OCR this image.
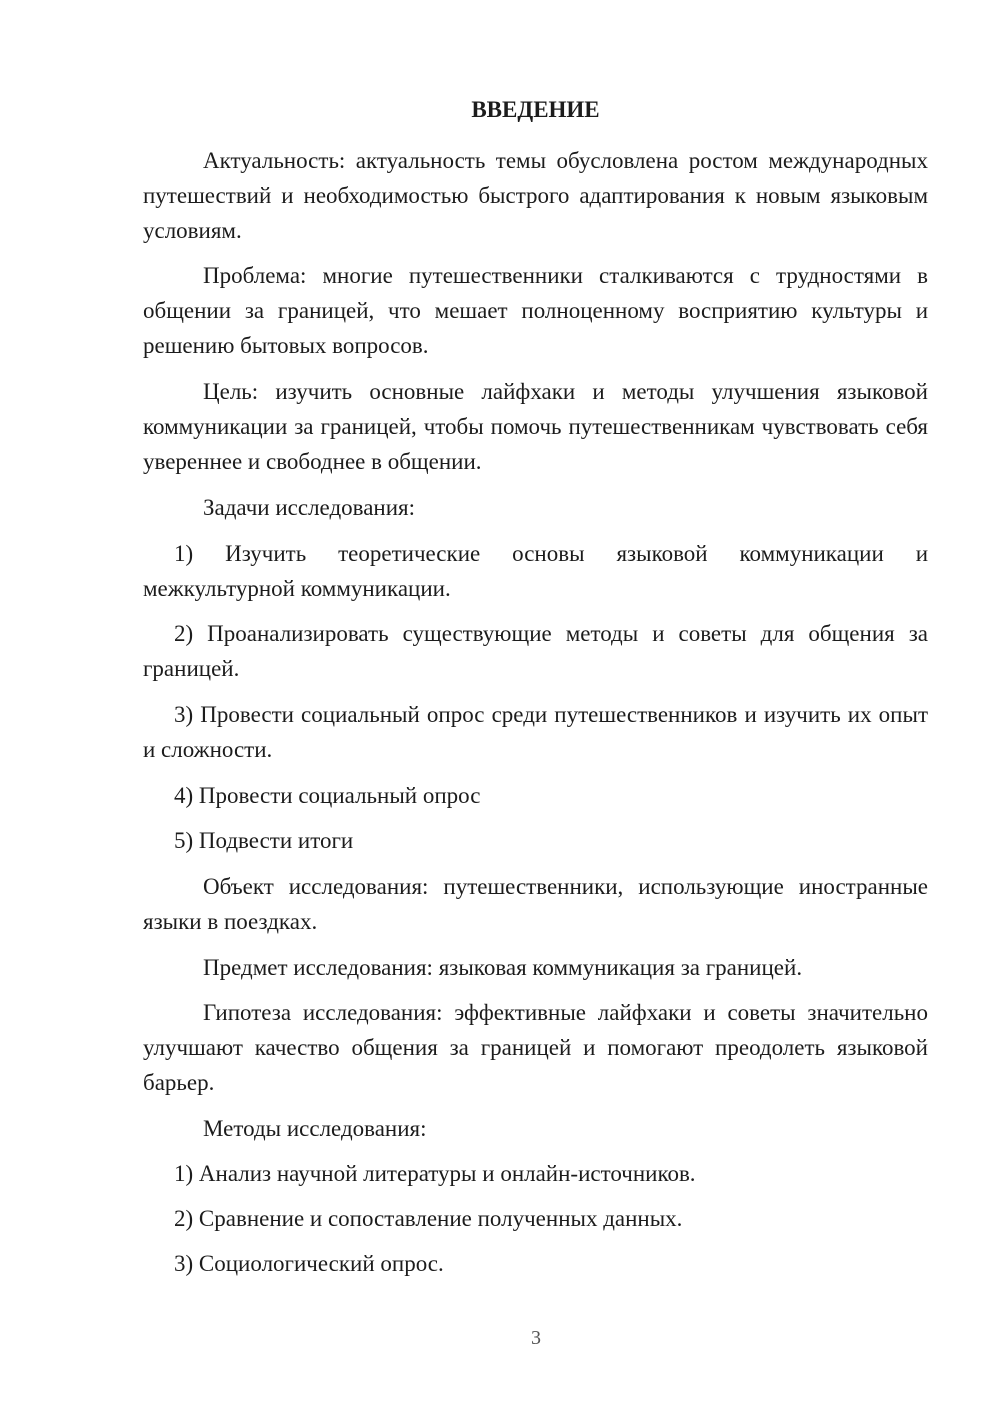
ВВЕДЕНИЕ

Актуальность: актуальность темы обусловлена ростом международных путешествий и необходимостью быстрого адаптирования к новым языковым условиям.

Проблема: многие путешественники сталкиваются с трудностями в общении за границей, что мешает полноценному восприятию культуры и решению бытовых вопросов.

Цель: изучить основные лайфхаки и методы улучшения языковой коммуникации за границей, чтобы помочь путешественникам чувствовать себя увереннее и свободнее в общении.

Задачи исследования:

1) Изучить теоретические основы языковой коммуникации и межкультурной коммуникации.

2) Проанализировать существующие методы и советы для общения за границей.

3) Провести социальный опрос среди путешественников и изучить их опыт и сложности.

4) Провести социальный опрос
5) Подвести итоги

Объект исследования: путешественники, использующие иностранные языки в поездках.

Предмет исследования: языковая коммуникация за границей.

Гипотеза исследования: эффективные лайфхаки и советы значительно улучшают качество общения за границей и помогают преодолеть языковой барьер.

Методы исследования:
1) Анализ научной литературы и онлайн-источников.
2) Сравнение и сопоставление полученных данных.
3) Социологический опрос.
3
